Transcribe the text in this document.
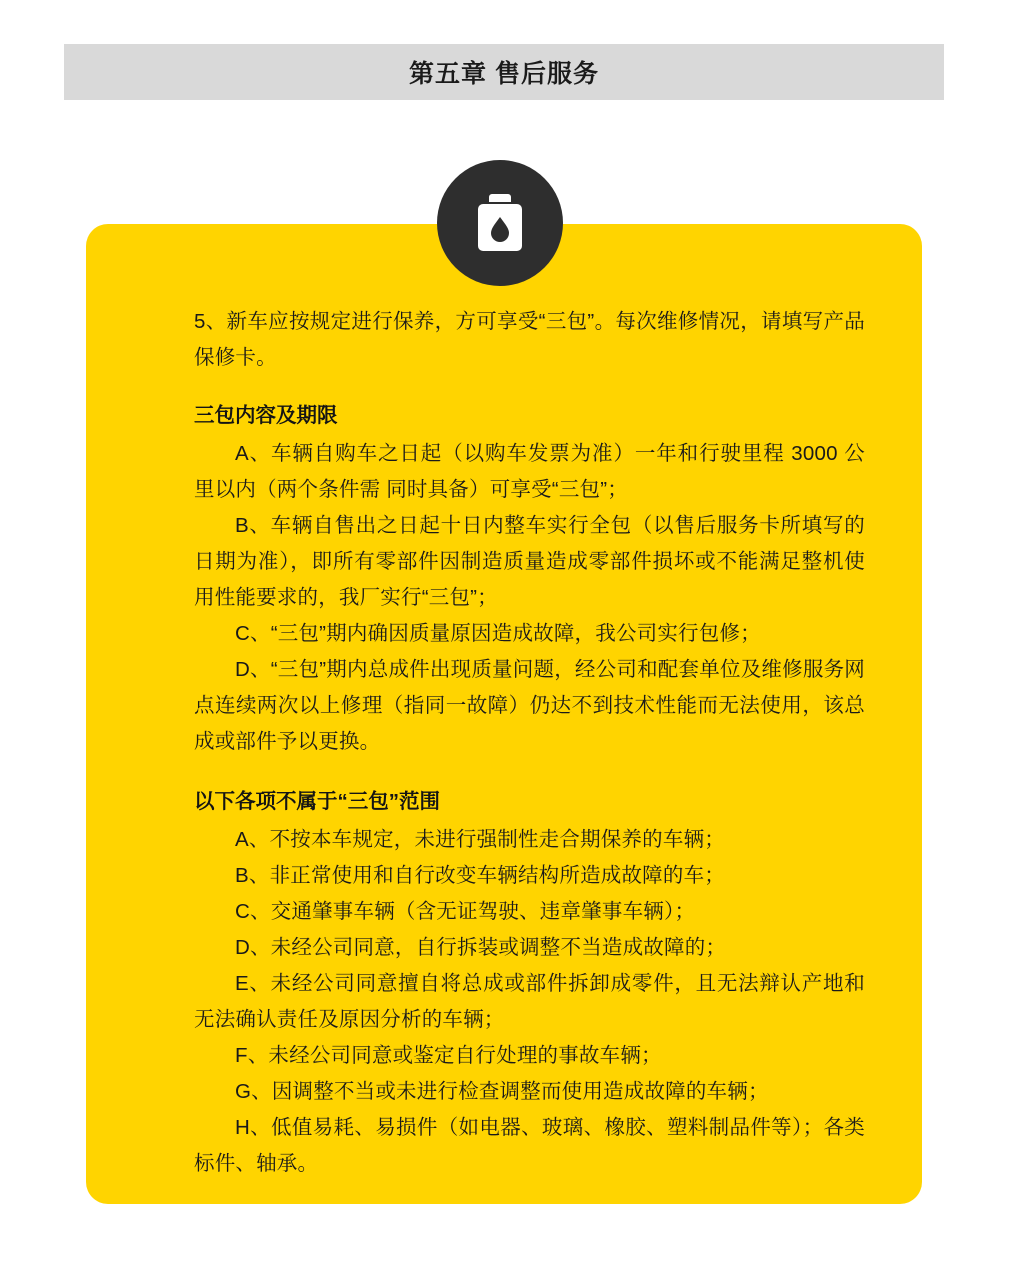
第五章 售后服务

5、新车应按规定进行保养，方可享受“三包”。每次维修情况，请填写产品保修卡。

三包内容及期限

A、车辆自购车之日起（以购车发票为准）一年和行驶里程 3000 公里以内（两个条件需 同时具备）可享受“三包”；

B、车辆自售出之日起十日内整车实行全包（以售后服务卡所填写的日期为准），即所有零部件因制造质量造成零部件损坏或不能满足整机使用性能要求的，我厂实行“三包”；

C、“三包”期内确因质量原因造成故障，我公司实行包修；

D、“三包”期内总成件出现质量问题，经公司和配套单位及维修服务网点连续两次以上修理（指同一故障）仍达不到技术性能而无法使用，该总成或部件予以更换。

以下各项不属于“三包”范围

A、不按本车规定，未进行强制性走合期保养的车辆；

B、非正常使用和自行改变车辆结构所造成故障的车；

C、交通肇事车辆（含无证驾驶、违章肇事车辆）；

D、未经公司同意，自行拆装或调整不当造成故障的；

E、未经公司同意擅自将总成或部件拆卸成零件，且无法辩认产地和无法确认责任及原因分析的车辆；

F、未经公司同意或鉴定自行处理的事故车辆；

G、因调整不当或未进行检查调整而使用造成故障的车辆；

H、低值易耗、易损件（如电器、玻璃、橡胶、塑料制品件等）；各类标件、轴承。
